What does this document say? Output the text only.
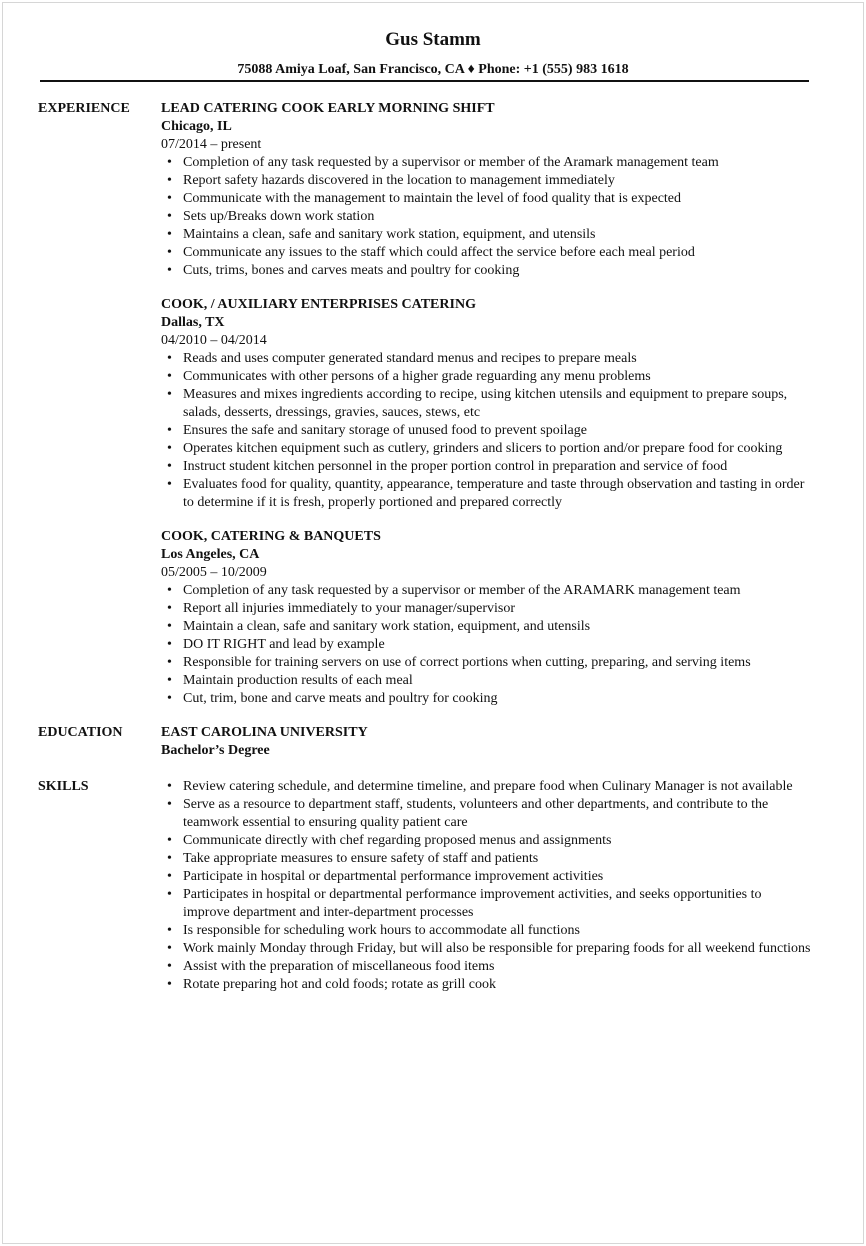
Gus Stamm
75088 Amiya Loaf, San Francisco, CA ♦ Phone: +1 (555) 983 1618
EXPERIENCE LEAD CATERING COOK EARLY MORNING SHIFT
Chicago, IL
07/2014 – present
• Completion of any task requested by a supervisor or member of the Aramark management team
• Report safety hazards discovered in the location to management immediately
• Communicate with the management to maintain the level of food quality that is expected
• Sets up/Breaks down work station
• Maintains a clean, safe and sanitary work station, equipment, and utensils
• Communicate any issues to the staff which could affect the service before each meal period
• Cuts, trims, bones and carves meats and poultry for cooking
COOK, / AUXILIARY ENTERPRISES CATERING
Dallas, TX
04/2010 – 04/2014
• Reads and uses computer generated standard menus and recipes to prepare meals
• Communicates with other persons of a higher grade reguarding any menu problems
• Measures and mixes ingredients according to recipe, using kitchen utensils and equipment to prepare soups, salads, desserts, dressings, gravies, sauces, stews, etc
• Ensures the safe and sanitary storage of unused food to prevent spoilage
• Operates kitchen equipment such as cutlery, grinders and slicers to portion and/or prepare food for cooking
• Instruct student kitchen personnel in the proper portion control in preparation and service of food
• Evaluates food for quality, quantity, appearance, temperature and taste through observation and tasting in order to determine if it is fresh, properly portioned and prepared correctly
COOK, CATERING & BANQUETS
Los Angeles, CA
05/2005 – 10/2009
• Completion of any task requested by a supervisor or member of the ARAMARK management team
• Report all injuries immediately to your manager/supervisor
• Maintain a clean, safe and sanitary work station, equipment, and utensils
• DO IT RIGHT and lead by example
• Responsible for training servers on use of correct portions when cutting, preparing, and serving items
• Maintain production results of each meal
• Cut, trim, bone and carve meats and poultry for cooking
EDUCATION	EAST CAROLINA UNIVERSITY
Bachelor’s Degree
SKILLS
•	Review catering schedule, and determine timeline, and prepare food when Culinary Manager is not available
• Serve as a resource to department staff, students, volunteers and other departments, and contribute to the teamwork essential to ensuring quality patient care
• Communicate directly with chef regarding proposed menus and assignments
• Take appropriate measures to ensure safety of staff and patients
• Participate in hospital or departmental performance improvement activities
• Participates in hospital or departmental performance improvement activities, and seeks opportunities to improve department and inter-department processes
• Is responsible for scheduling work hours to accommodate all functions
• Work mainly Monday through Friday, but will also be responsible for preparing foods for all weekend functions
• Assist with the preparation of miscellaneous food items
• Rotate preparing hot and cold foods; rotate as grill cook
